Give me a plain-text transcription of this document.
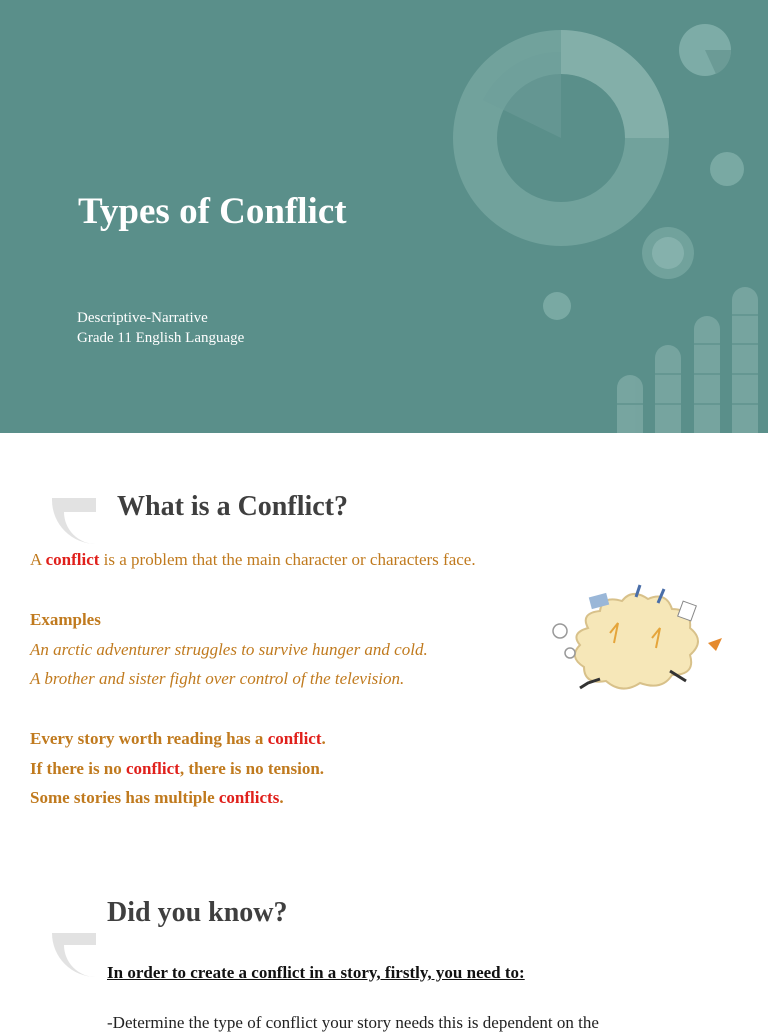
Types of Conflict

Descriptive-Narrative

Grade 11 English Language

What is a Conflict?

A conflict is a problem that the main character or characters face.

Examples

An arctic adventurer struggles to survive hunger and cold.

A brother and sister fight over control of the television.

Every story worth reading has a conflict.

If there is no conflict, there is no tension.

Some stories has multiple conflicts.

Did you know?

In order to create a conflict in a story, firstly, you need to:

-Determine the type of conflict your story needs this is dependent on the
